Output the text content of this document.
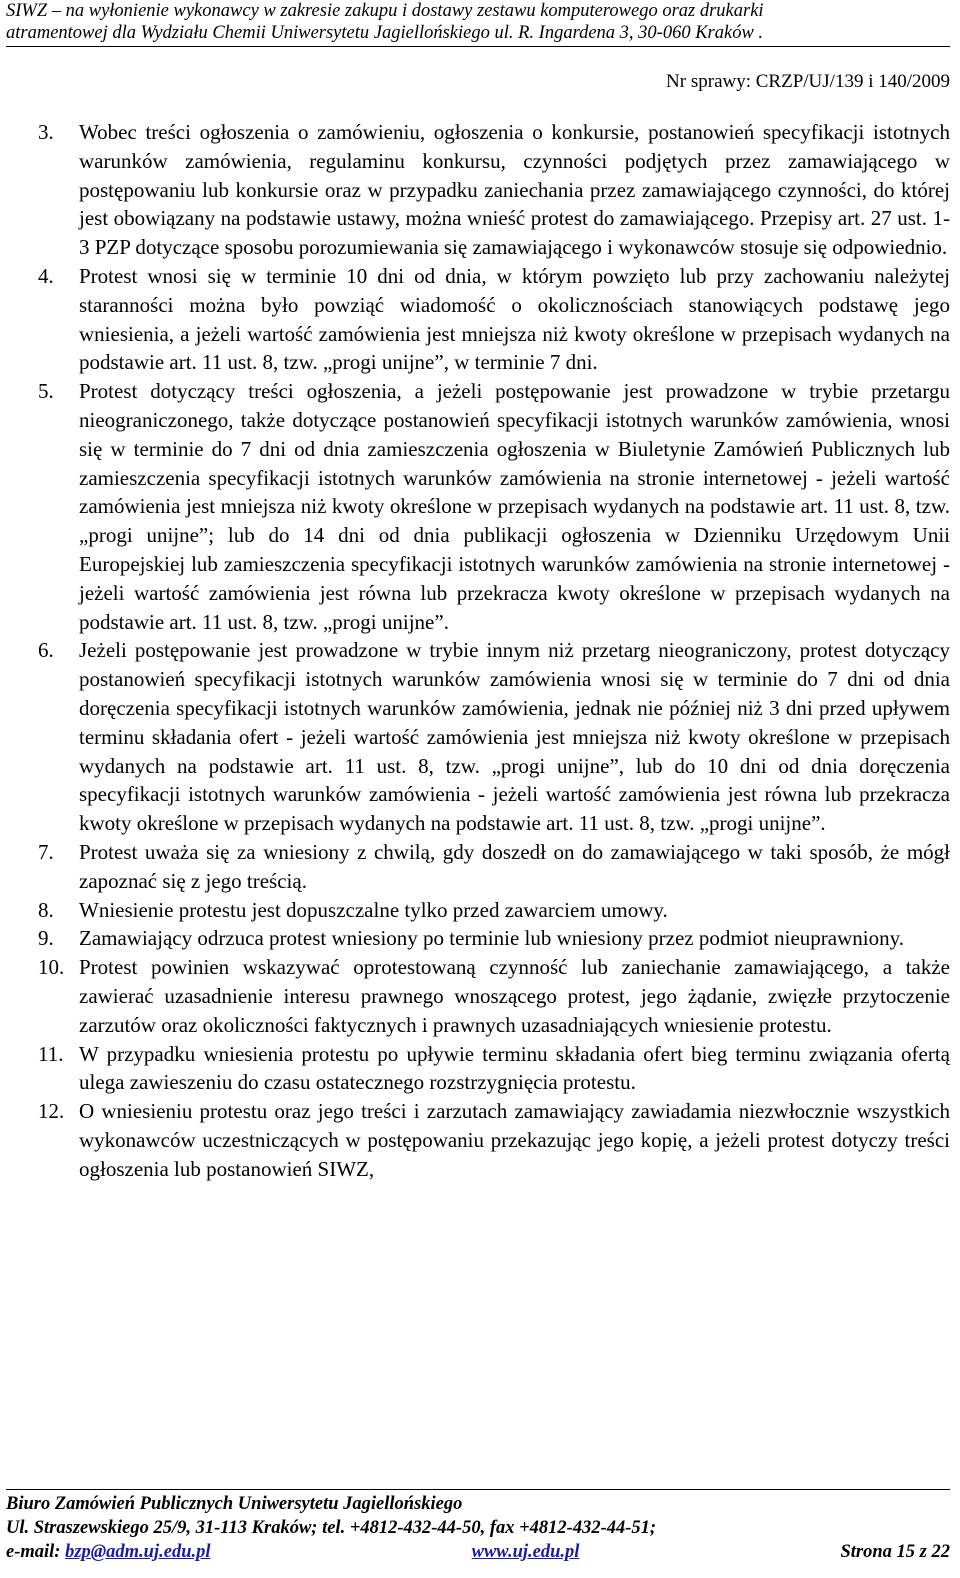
SIWZ – na wyłonienie wykonawcy w zakresie zakupu i dostawy zestawu komputerowego oraz drukarki
atramentowej dla Wydziału Chemii Uniwersytetu Jagiellońskiego ul. R. Ingardena 3, 30-060 Kraków .
Nr sprawy: CRZP/UJ/139 i 140/2009
3.	Wobec treści ogłoszenia o zamówieniu, ogłoszenia o konkursie, postanowień specyfikacji istotnych warunków zamówienia, regulaminu konkursu, czynności podjętych przez zamawiającego w postępowaniu lub konkursie oraz w przypadku zaniechania przez zamawiającego czynności, do której jest obowiązany na podstawie ustawy, można wnieść protest do zamawiającego. Przepisy art. 27 ust. 1-3 PZP dotyczące sposobu porozumiewania się zamawiającego i wykonawców stosuje się odpowiednio.
4.	Protest wnosi się w terminie 10 dni od dnia, w którym powzięto lub przy zachowaniu należytej staranności można było powziąć wiadomość o okolicznościach stanowiących podstawę jego wniesienia, a jeżeli wartość zamówienia jest mniejsza niż kwoty określone w przepisach wydanych na podstawie art. 11 ust. 8, tzw. „progi unijne”, w terminie 7 dni.
5.	Protest dotyczący treści ogłoszenia, a jeżeli postępowanie jest prowadzone w trybie przetargu nieograniczonego, także dotyczące postanowień specyfikacji istotnych warunków zamówienia, wnosi się w terminie do 7 dni od dnia zamieszczenia ogłoszenia w Biuletynie Zamówień Publicznych lub zamieszczenia specyfikacji istotnych warunków zamówienia na stronie internetowej - jeżeli wartość zamówienia jest mniejsza niż kwoty określone w przepisach wydanych na podstawie art. 11 ust. 8, tzw. „progi unijne”; lub do 14 dni od dnia publikacji ogłoszenia w Dzienniku Urzędowym Unii Europejskiej lub zamieszczenia specyfikacji istotnych warunków zamówienia na stronie internetowej - jeżeli wartość zamówienia jest równa lub przekracza kwoty określone w przepisach wydanych na podstawie art. 11 ust. 8, tzw. „progi unijne”.
6.	Jeżeli postępowanie jest prowadzone w trybie innym niż przetarg nieograniczony, protest dotyczący postanowień specyfikacji istotnych warunków zamówienia wnosi się w terminie do 7 dni od dnia doręczenia specyfikacji istotnych warunków zamówienia, jednak nie później niż 3 dni przed upływem terminu składania ofert - jeżeli wartość zamówienia jest mniejsza niż kwoty określone w przepisach wydanych na podstawie art. 11 ust. 8, tzw. „progi unijne”, lub do 10 dni od dnia doręczenia specyfikacji istotnych warunków zamówienia - jeżeli wartość zamówienia jest równa lub przekracza kwoty określone w przepisach wydanych na podstawie art. 11 ust. 8, tzw. „progi unijne”.
7.	Protest uważa się za wniesiony z chwilą, gdy doszedł on do zamawiającego w taki sposób, że mógł zapoznać się z jego treścią.
8.	Wniesienie protestu jest dopuszczalne tylko przed zawarciem umowy.
9.	Zamawiający odrzuca protest wniesiony po terminie lub wniesiony przez podmiot nieuprawniony.
10. Protest powinien wskazywać oprotestowaną czynność lub zaniechanie zamawiającego, a także zawierać uzasadnienie interesu prawnego wnoszącego protest, jego żądanie, zwięzłe przytoczenie zarzutów oraz okoliczności faktycznych i prawnych uzasadniających wniesienie protestu.
11. W przypadku wniesienia protestu po upływie terminu składania ofert bieg terminu związania ofertą ulega zawieszeniu do czasu ostatecznego rozstrzygnięcia protestu.
12. O wniesieniu protestu oraz jego treści i zarzutach zamawiający zawiadamia niezwłocznie wszystkich wykonawców uczestniczących w postępowaniu przekazując jego kopię, a jeżeli protest dotyczy treści ogłoszenia lub postanowień SIWZ,
Biuro Zamówień Publicznych Uniwersytetu Jagiellońskiego
Ul. Straszewskiego 25/9, 31-113 Kraków; tel. +4812-432-44-50, fax +4812-432-44-51;
e-mail: bzp@adm.uj.edu.pl	www.uj.edu.pl	Strona 15 z 22
